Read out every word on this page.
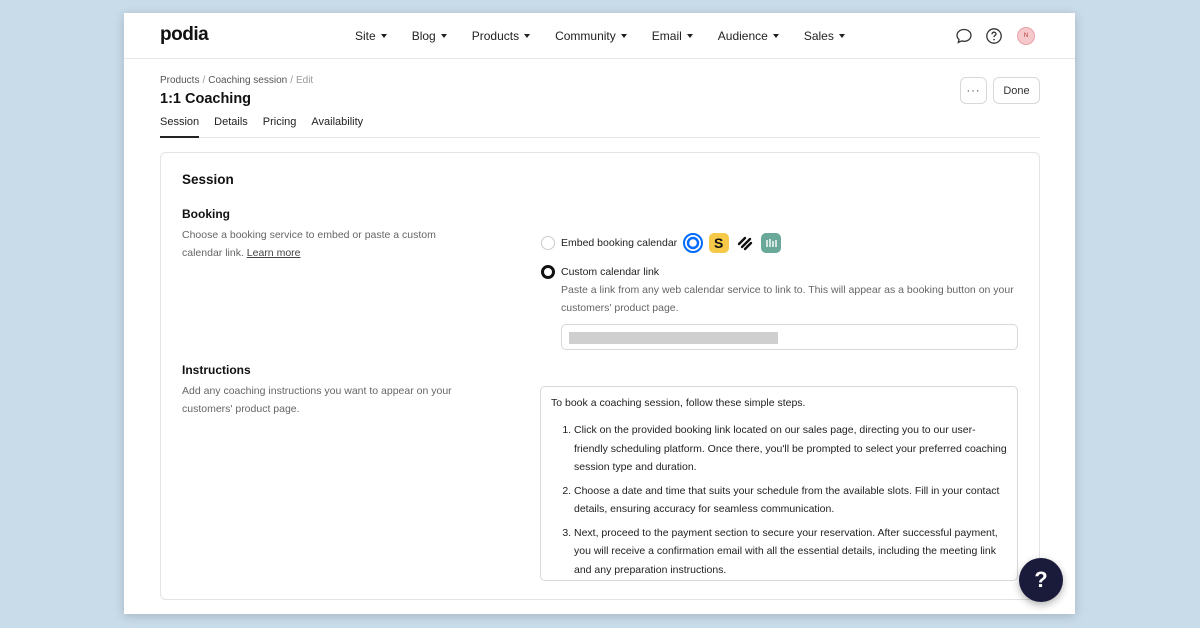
podia	Site	Blog	Products	Community	Email	Audience	Sales	N
Products / Coaching session / Edit
1:1 Coaching
···	Done
Session Details Pricing Availability
Session
Booking
Choose a booking service to embed or paste a custom calendar link. Learn more
Embed booking calendar	S
Custom calendar link
Paste a link from any web calendar service to link to. This will appear as a booking button on your customers' product page.
Instructions
Add any coaching instructions you want to appear on your customers' product page.	To book a coaching session, follow these simple steps.

1. Click on the provided booking link located on our sales page, directing you to our user-friendly scheduling platform. Once there, you'll be prompted to select your preferred coaching session type and duration.
2. Choose a date and time that suits your schedule from the available slots. Fill in your contact details, ensuring accuracy for seamless communication.
3. Next, proceed to the payment section to secure your reservation. After successful payment, you will receive a confirmation email with all the essential details, including the meeting link and any preparation instructions.	?
